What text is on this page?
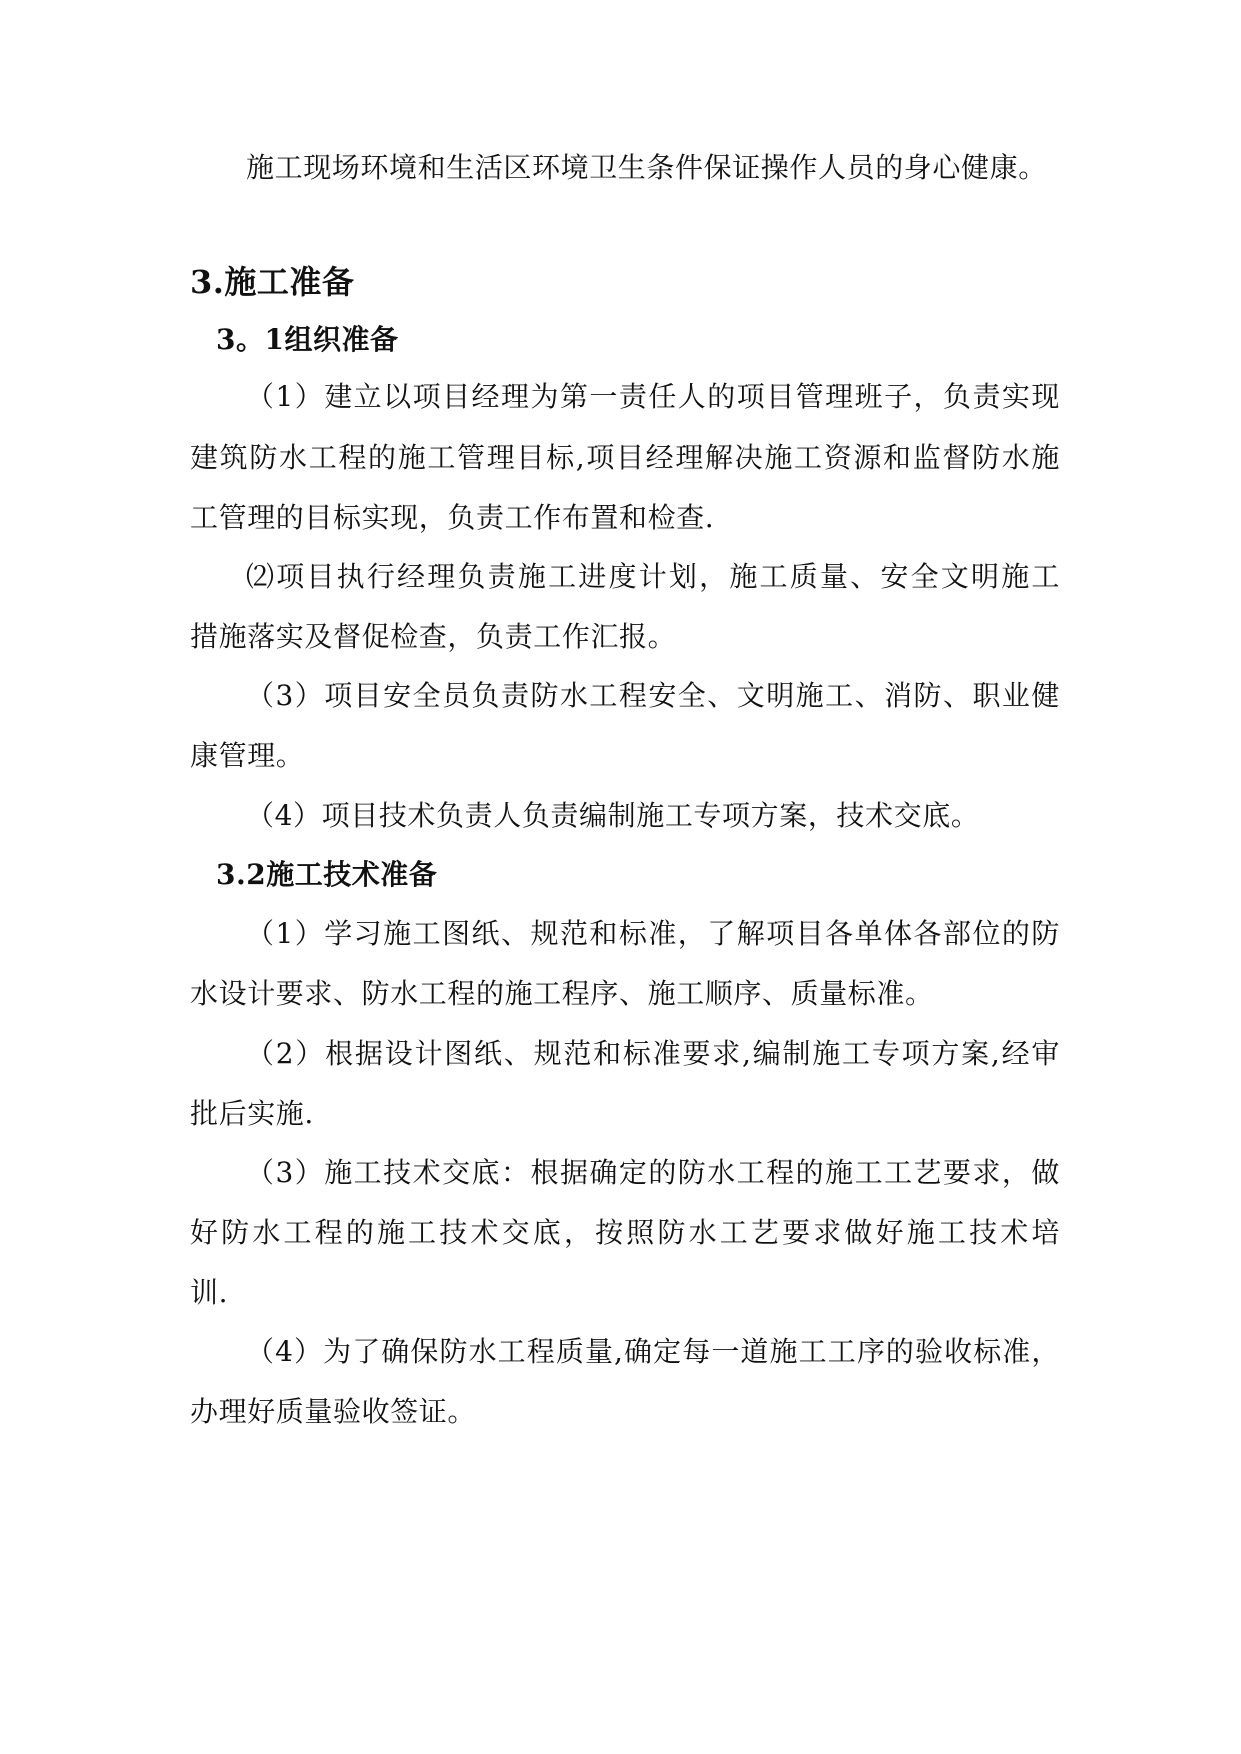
施工现场环境和生活区环境卫生条件保证操作人员的身心健康。
3.施工准备
3。1组织准备
（1）建立以项目经理为第一责任人的项目管理班子，负责实现
建筑防水工程的施工管理目标,项目经理解决施工资源和监督防水施
工管理的目标实现，负责工作布置和检查.
⑵项目执行经理负责施工进度计划，施工质量、安全文明施工
措施落实及督促检查，负责工作汇报。
（3）项目安全员负责防水工程安全、文明施工、消防、职业健
康管理。
（4）项目技术负责人负责编制施工专项方案，技术交底。
3.2施工技术准备
（1）学习施工图纸、规范和标准，了解项目各单体各部位的防
水设计要求、防水工程的施工程序、施工顺序、质量标准。
（2）根据设计图纸、规范和标准要求,编制施工专项方案,经审
批后实施.
（3）施工技术交底：根据确定的防水工程的施工工艺要求，做
好防水工程的施工技术交底，按照防水工艺要求做好施工技术培
训.
（4）为了确保防水工程质量,确定每一道施工工序的验收标准，
办理好质量验收签证。
